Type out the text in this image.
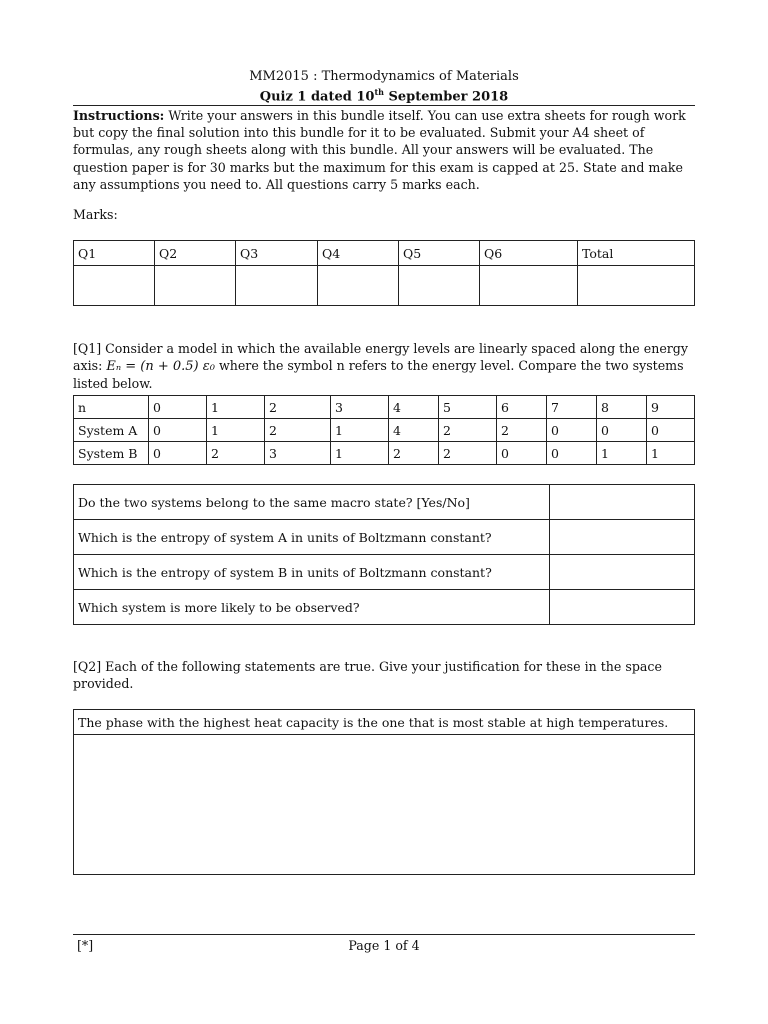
MM2015 : Thermodynamics of Materials
Quiz 1 dated 10th September 2018
Instructions: Write your answers in this bundle itself. You can use extra sheets for rough work but copy the final solution into this bundle for it to be evaluated. Submit your A4 sheet of formulas, any rough sheets along with this bundle. All your answers will be evaluated. The question paper is for 30 marks but the maximum for this exam is capped at 25. State and make any assumptions you need to. All questions carry 5 marks each.
Marks:
Q1	Q2	Q3	Q4	Q5	Q6	Total

[Q1] Consider a model in which the available energy levels are linearly spaced along the energy axis: Eₙ = (n + 0.5) ε₀ where the symbol n refers to the energy level. Compare the two systems listed below.
n	0	1	2	3	4	5	6	7	8	9
System A	0	1	2	1	4	2	2	0	0	0
System B	0	2	3	1	2	2	0	0	1	1
Do the two systems belong to the same macro state? [Yes/No]	
Which is the entropy of system A in units of Boltzmann constant?	
Which is the entropy of system B in units of Boltzmann constant?	
Which system is more likely to be observed?	
[Q2] Each of the following statements are true. Give your justification for these in the space provided.
The phase with the highest heat capacity is the one that is most stable at high temperatures.

[*]	Page 1 of 4
